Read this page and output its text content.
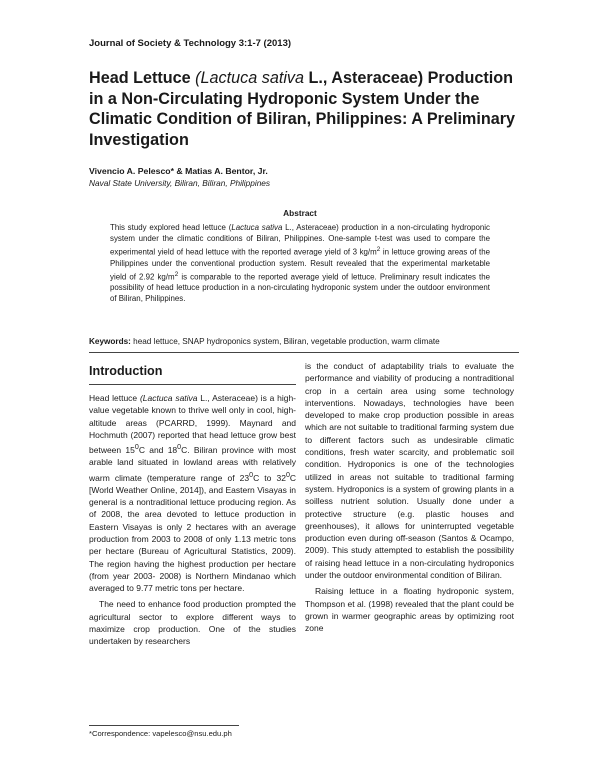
Journal of Society & Technology 3:1-7 (2013)
Head Lettuce (Lactuca sativa L., Asteraceae) Production in a Non-Circulating Hydroponic System Under the Climatic Condition of Biliran, Philippines: A Preliminary Investigation
Vivencio A. Pelesco* & Matias A. Bentor, Jr.
Naval State University, Biliran, Biliran, Philippines
Abstract

This study explored head lettuce (Lactuca sativa L., Asteraceae) production in a non-circulating hydroponic system under the climatic conditions of Biliran, Philippines. One-sample t-test was used to compare the experimental yield of head lettuce with the reported average yield of 3 $kg/m^2$ in lettuce growing areas of the Philippines under the conventional production system. Result revealed that the experimental marketable yield of 2.92 $kg/m^2$ is comparable to the reported average yield of lettuce. Preliminary result indicates the possibility of head lettuce production in a non-circulating hydroponic system under the outdoor environment of Biliran, Philippines.

Keywords: head lettuce, SNAP hydroponics system, Biliran, vegetable production, warm climate
Introduction

Head lettuce (Lactuca sativa L., Asteraceae) is a high-value vegetable known to thrive well only in cool, high-altitude areas (PCARRD, 1999). Maynard and Hochmuth (2007) reported that head lettuce grow best between $15^0C$ and $18^0C$. Biliran province with most arable land situated in lowland areas with relatively warm climate (temperature range of $23^0C$ to $32^0C$ [World Weather Online, 2014]), and Eastern Visayas in general is a nontraditional lettuce producing region. As of 2008, the area devoted to lettuce production in Eastern Visayas is only 2 hectares with an average production from 2003 to 2008 of only 1.13 metric tons per hectare (Bureau of Agricultural Statistics, 2009). The region having the highest production per hectare (from year 2003- 2008) is Northern Mindanao which averaged to 9.77 metric tons per hectare.

The need to enhance food production prompted the agricultural sector to explore different ways to maximize crop production. One of the studies undertaken by researchers

is the conduct of adaptability trials to evaluate the performance and viability of producing a nontraditional crop in a certain area using some technology interventions. Nowadays, technologies have been developed to make crop production possible in areas which are not suitable to traditional farming system due to different factors such as undesirable climatic conditions, fresh water scarcity, and problematic soil condition. Hydroponics is one of the technologies utilized in areas not suitable to traditional farming system. Hydroponics is a system of growing plants in a soilless nutrient solution. Usually done under a protective structure (e.g. plastic houses and greenhouses), it allows for uninterrupted vegetable production even during off-season (Santos & Ocampo, 2009). This study attempted to establish the possibility of raising head lettuce in a non-circulating hydroponics under the outdoor environmental condition of Biliran.

Raising lettuce in a floating hydroponic system, Thompson et al. (1998) revealed that the plant could be grown in warmer geographic areas by optimizing root zone

*Correspondence: vapelesco@nsu.edu.ph
